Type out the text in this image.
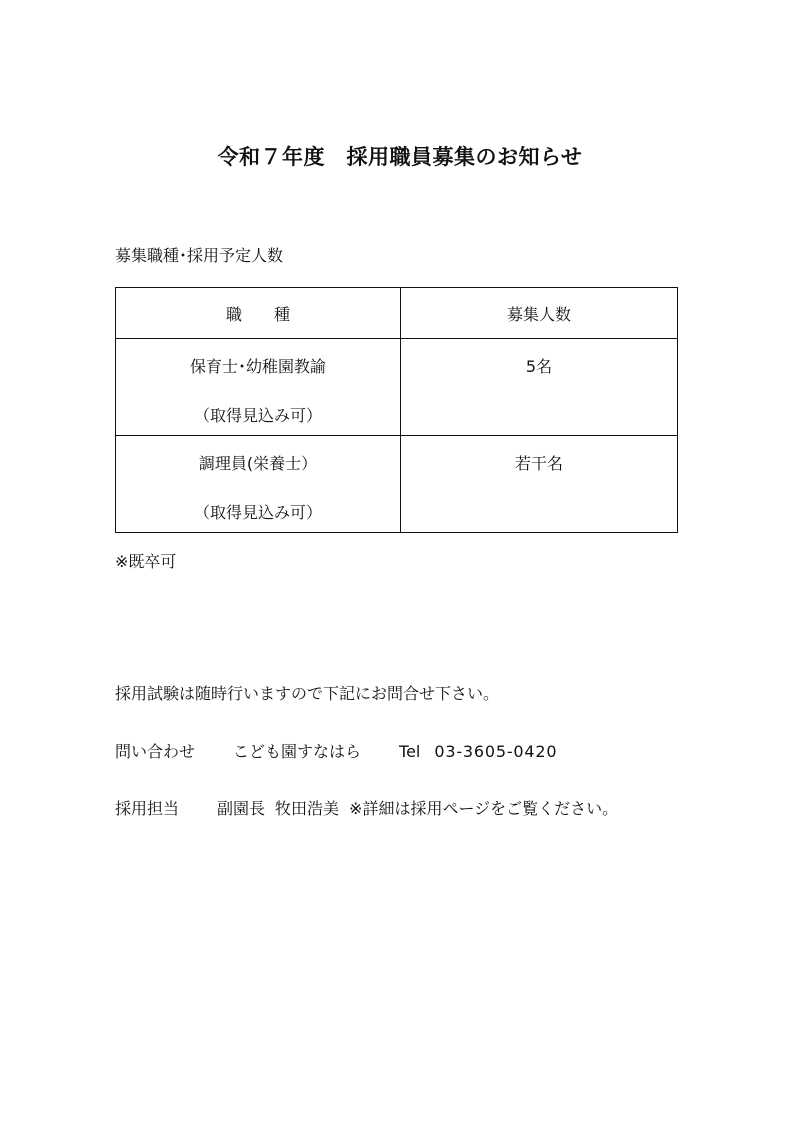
令和７年度　採用職員募集のお知らせ
募集職種･採用予定人数
職　　種	募集人数

保育士･幼稚園教諭
（取得見込み可）	5名

調理員(栄養士）
（取得見込み可）	若干名
※既卒可
採用試験は随時行いますので下記にお問合せ下さい。
問い合わせ こども園すなはら Tel 03-3605-0420
採用担当 副園長 牧田浩美 ※詳細は採用ページをご覧ください。
